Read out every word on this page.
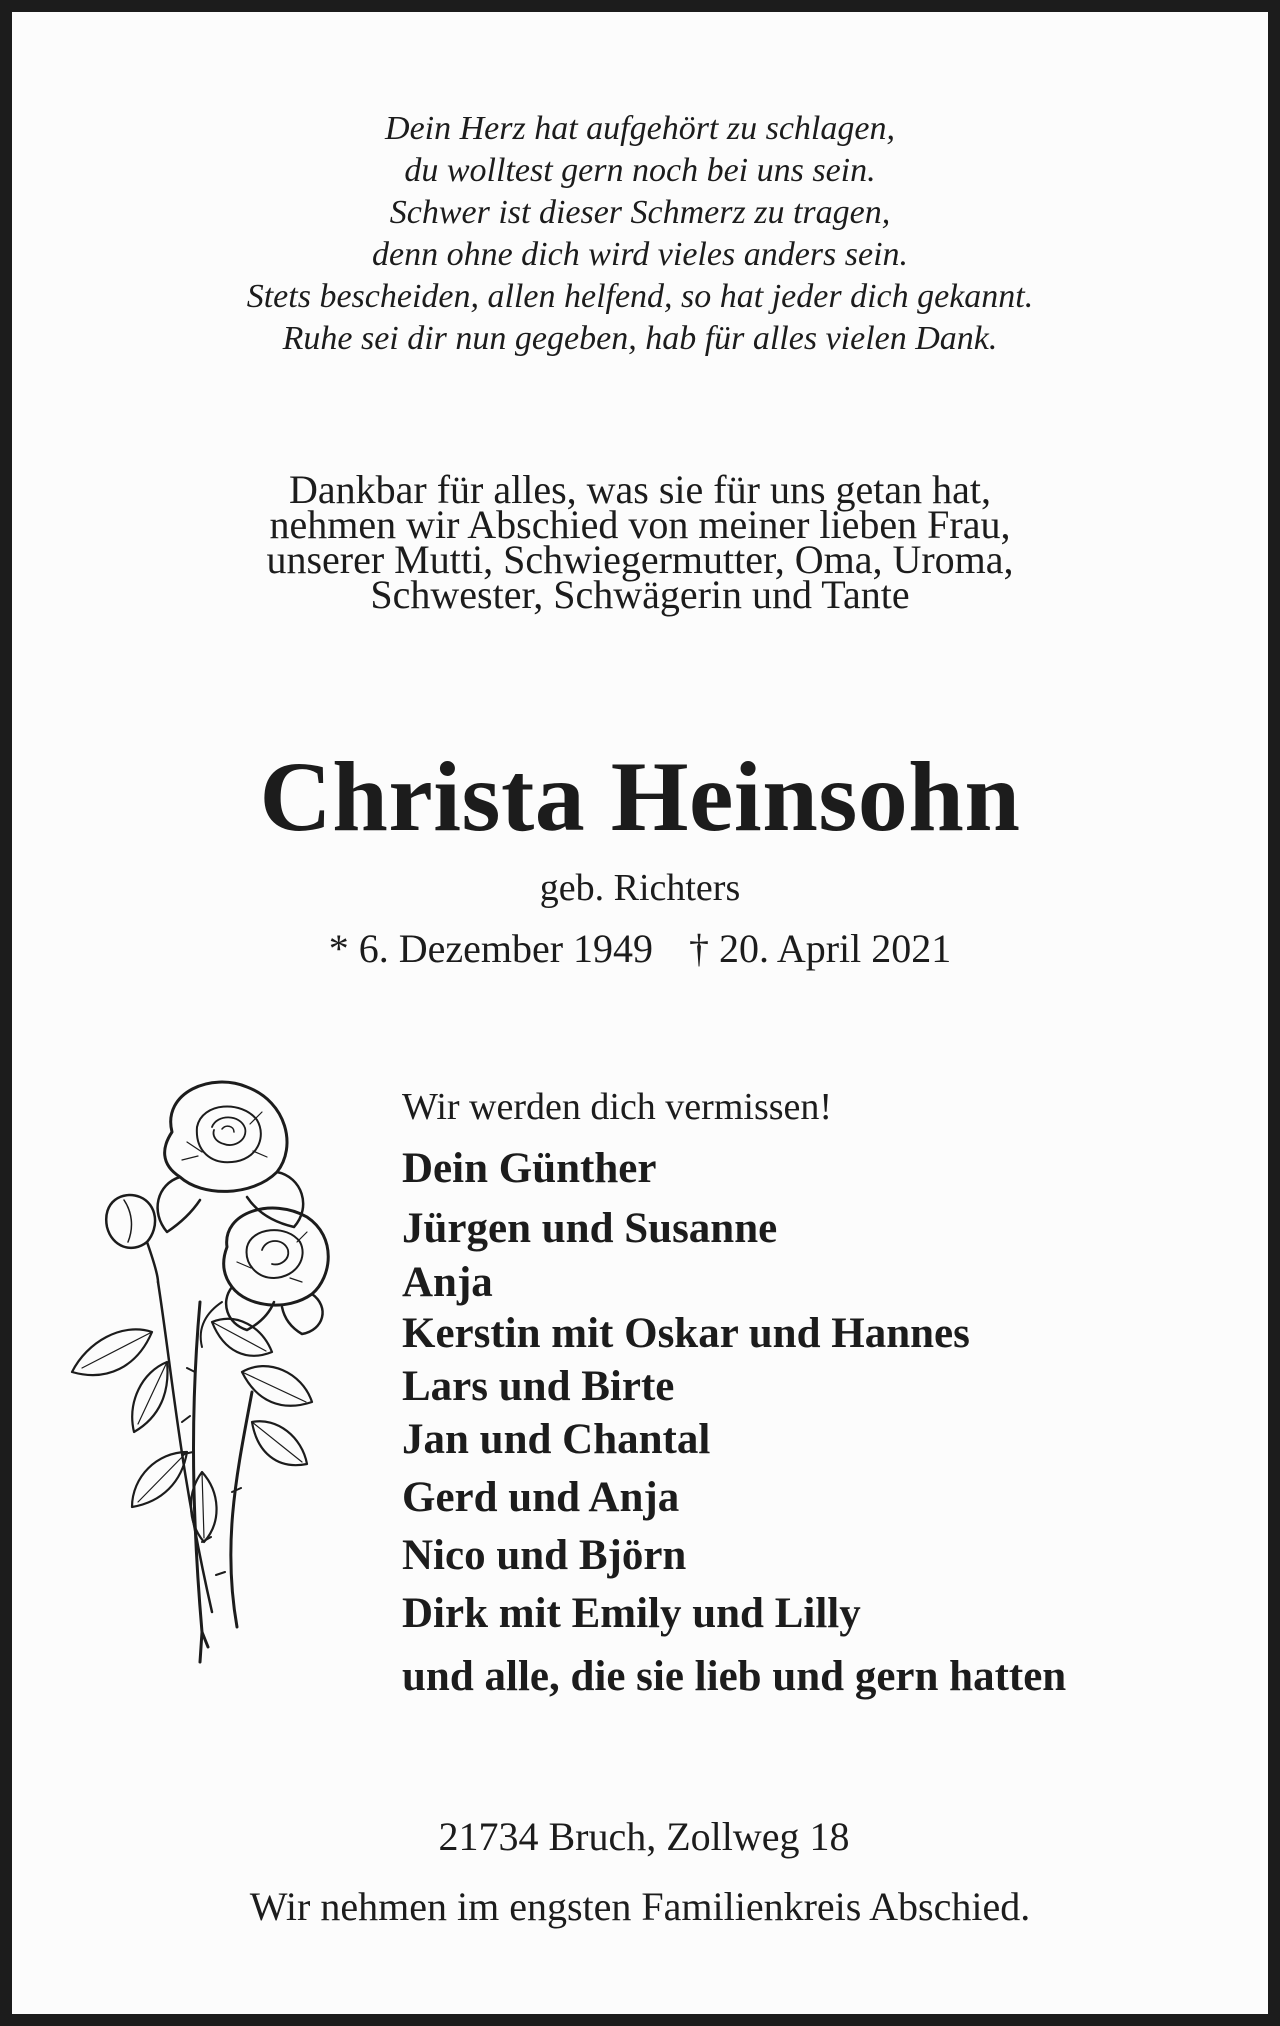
Dein Herz hat aufgehört zu schlagen,
du wolltest gern noch bei uns sein.
Schwer ist dieser Schmerz zu tragen,
denn ohne dich wird vieles anders sein.
Stets bescheiden, allen helfend, so hat jeder dich gekannt.
Ruhe sei dir nun gegeben, hab für alles vielen Dank.
Dankbar für alles, was sie für uns getan hat,
nehmen wir Abschied von meiner lieben Frau,
unserer Mutti, Schwiegermutter, Oma, Uroma,
Schwester, Schwägerin und Tante
Christa Heinsohn
geb. Richters
* 6. Dezember 1949 † 20. April 2021
Wir werden dich vermissen!
Dein Günther
Jürgen und Susanne
Anja
Kerstin mit Oskar und Hannes
Lars und Birte
Jan und Chantal
Gerd und Anja
Nico und Björn
Dirk mit Emily und Lilly
und alle, die sie lieb und gern hatten
21734 Bruch, Zollweg 18
Wir nehmen im engsten Familienkreis Abschied.
